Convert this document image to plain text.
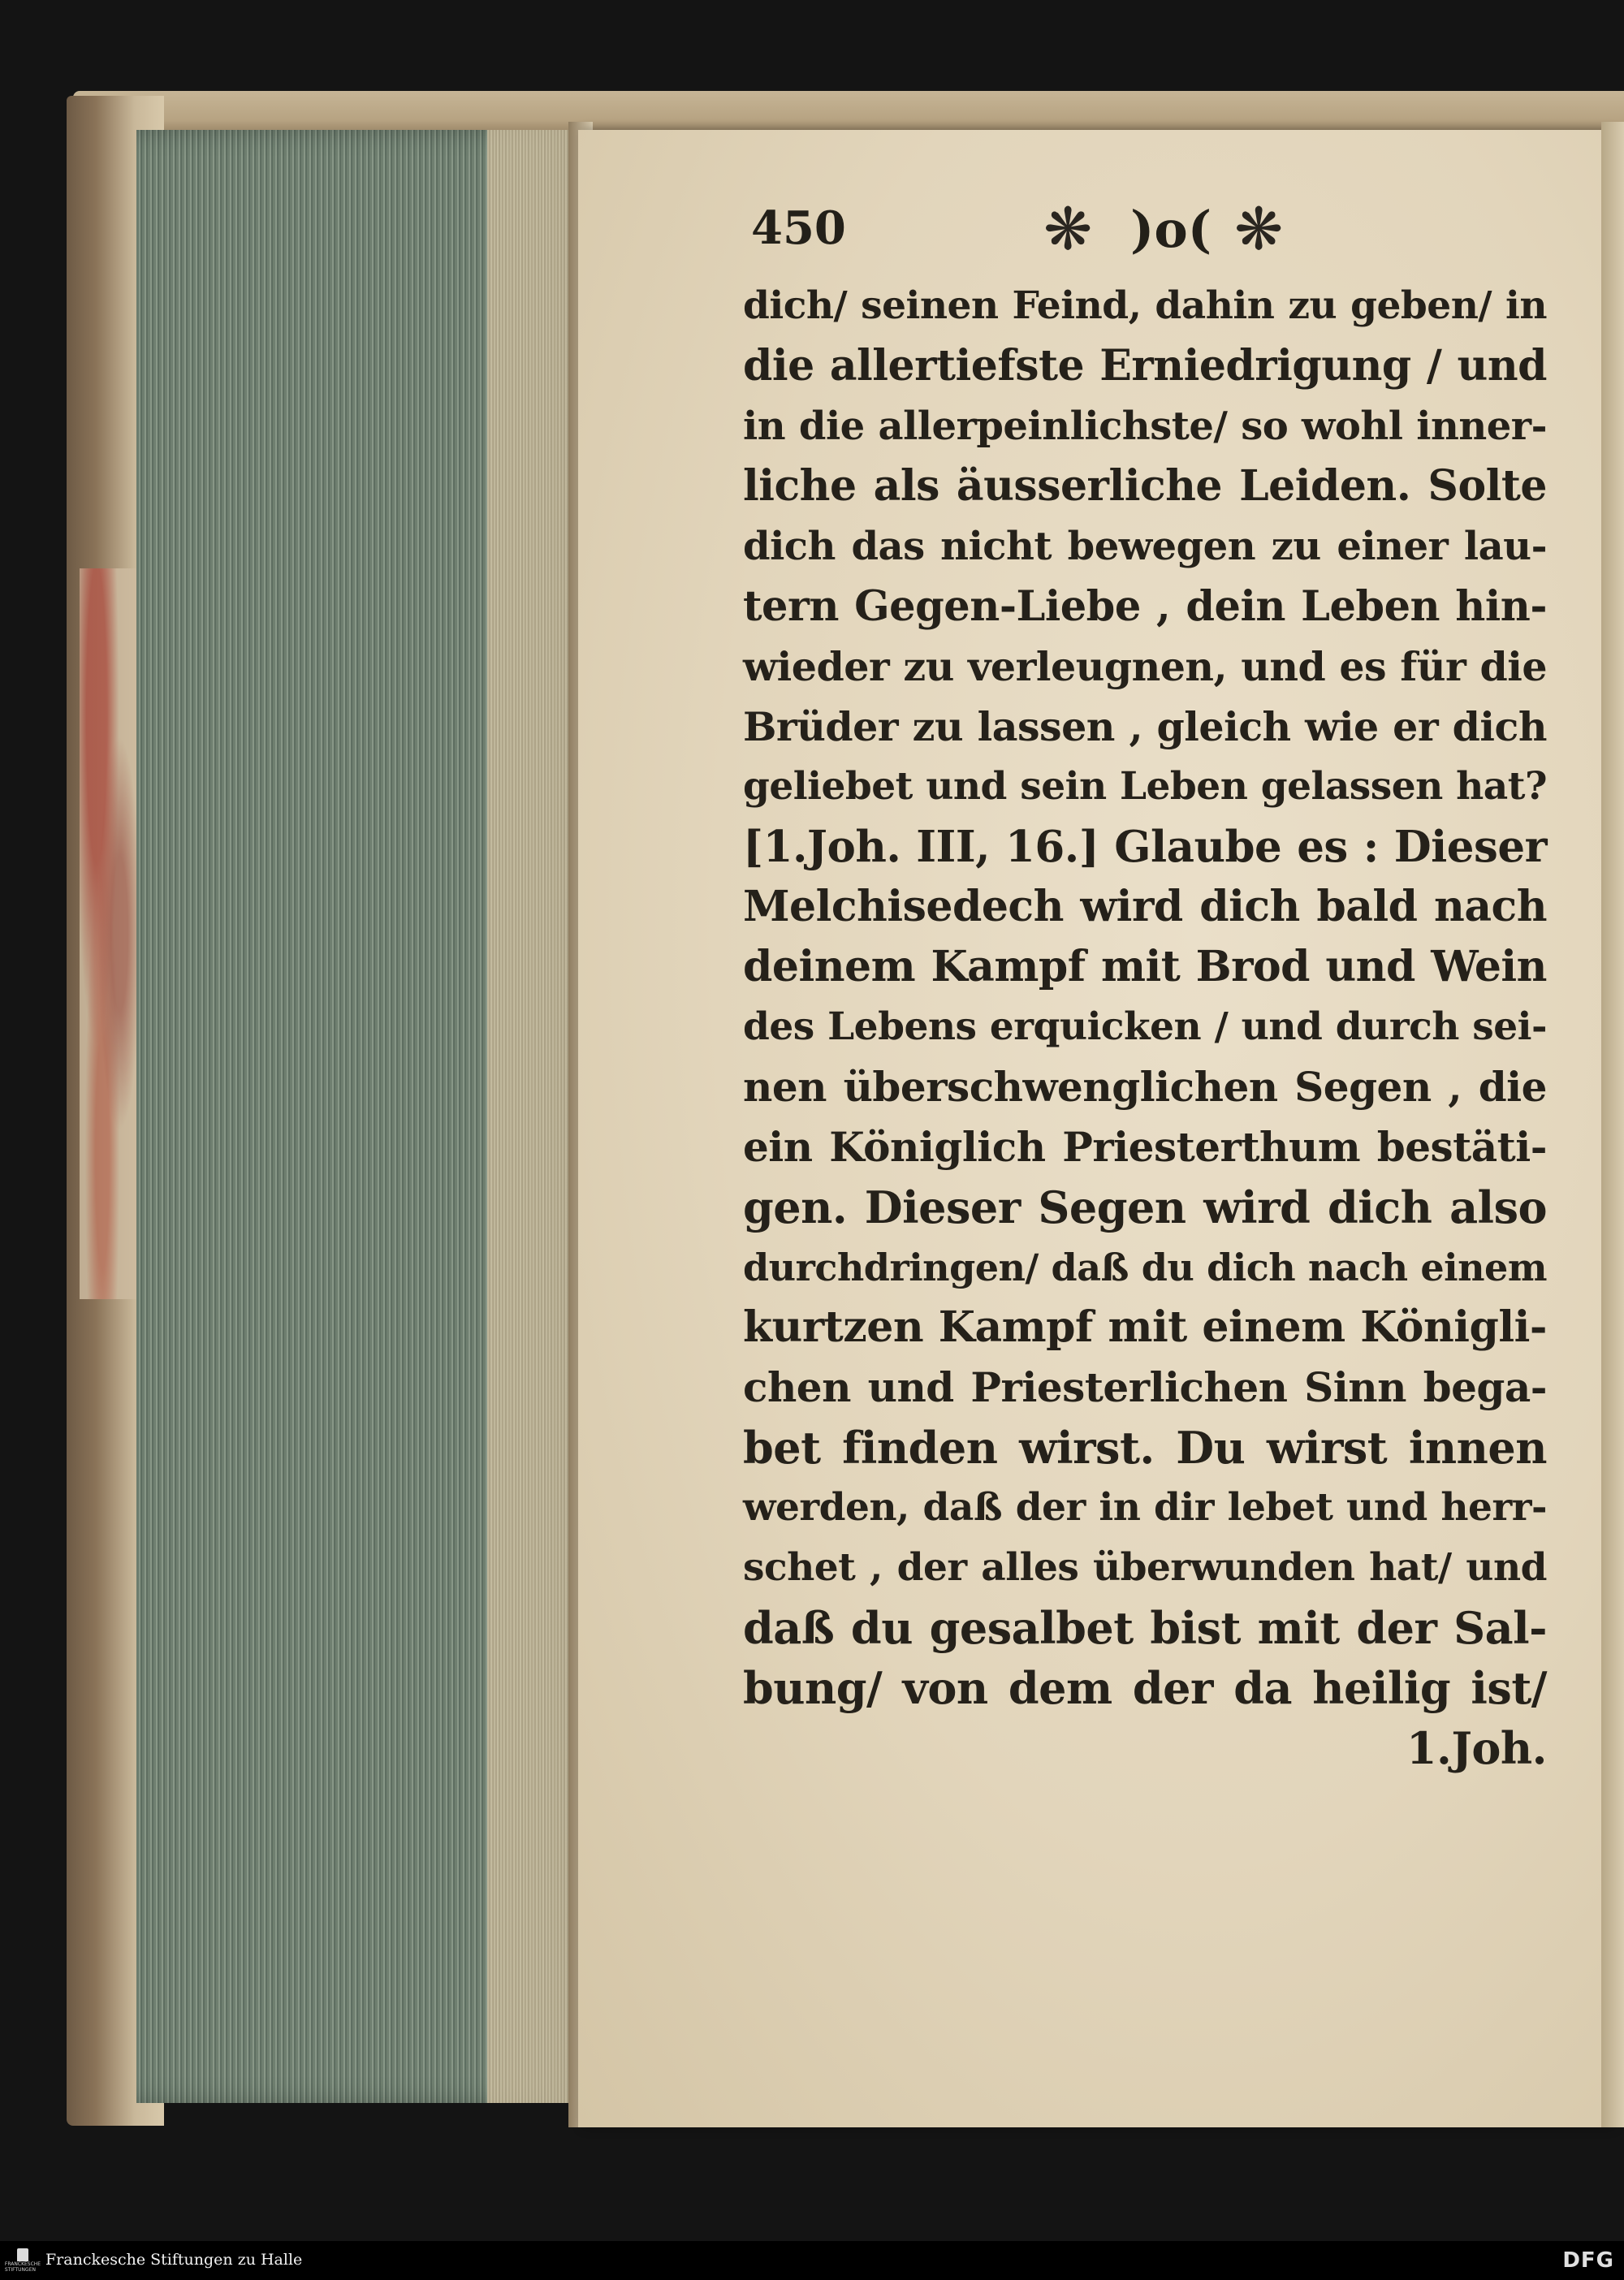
450	❋ )o( ❋
dich/ seinen Feind, dahin zu geben/ in
die allertiefste Erniedrigung / und
in die allerpeinlichste/ so wohl inner-
liche als äusserliche Leiden. Solte
dich das nicht bewegen zu einer lau-
tern Gegen-Liebe , dein Leben hin-
wieder zu verleugnen, und es für die
Brüder zu lassen , gleich wie er dich
geliebet und sein Leben gelassen hat?
[1.Joh. III, 16.] Glaube es : Dieser
Melchisedech wird dich bald nach
deinem Kampf mit Brod und Wein
des Lebens erquicken / und durch sei-
nen überschwenglichen Segen , die
ein Königlich Priesterthum bestäti-
gen. Dieser Segen wird dich also
durchdringen/ daß du dich nach einem
kurtzen Kampf mit einem Königli-
chen und Priesterlichen Sinn bega-
bet finden wirst. Du wirst innen
werden, daß der in dir lebet und herr-
schet , der alles überwunden hat/ und
daß du gesalbet bist mit der Sal-
bung/ von dem der da heilig ist/
1.Joh.
FRANCKESCHE STIFTUNGEN
Franckesche Stiftungen zu Halle	DFG
